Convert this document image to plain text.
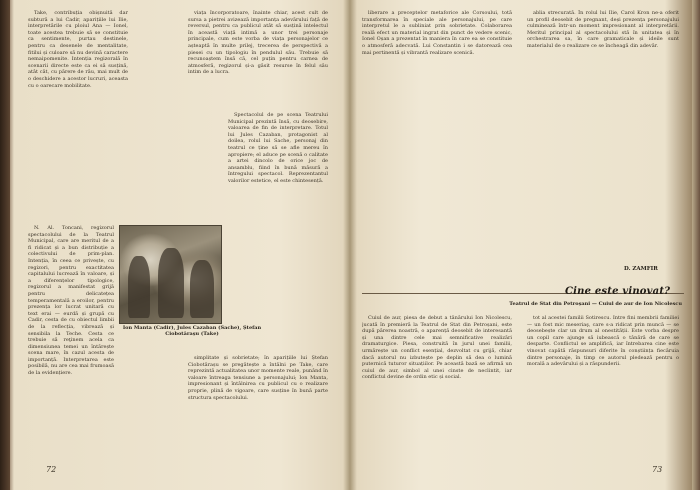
Take, contribuția obișnuită dar subtură a lui Cadir, aparițiile lui Ilie, interpretările cu ploiul Ana — Ionel, toate acestea trebuie să se constituie ca sentimente, purtau destinele, pentru ca desenele de mentalitate, fitilui și culoare să nu devină caractere nemaipomenite. Intenția regizorală în scenarii directe este ca ei să susțină, atât cât, cu părere de rău, mai mult de o deschidere a acestor lucruri, aceasta cu o oarecare mobilitate.

N. Al. Toncani, regizorul spectacolului de la Teatrul Municipal, care are meritul de a fi ridicat și a bun distribuție a colectivului de prim-plan. Intenția, în ceea ce privește, cu regizori, pentru exactitatea capitalului lucrează în valoare, și a diferențelor tipologice, regizorul a manifestat grijă pentru delicatețea temperamentală a eroilor, pentru prezența lor lucrat unitară cu text erai — eurdă și grupă cu Cadir, cesta de cu obiectul limbii de la reflecția, vibrează și sensibila la Teche. Cesta ce trebuie să reţinem acela ca dimensiunea temei un întărește scena mare, în cazul acesta de importanță. Interpretarea este posibilă, nu are cea mai frumoasă de la evidențiere.

viața încorporatoare, înainte chiar, acest cult de sursa a pietrei avizează importanța adevărului față de reversul, pentru ca publicul atât să susțină intelectul în această viață intimă a unor trei personaje principale, cum este vorba de viața personajelor ce așteaptă în multe prilej, trecerea de perspectivă a piesei cu un tipologiu în pendulul său. Trebuie să recunoaștem însă că, cel puțin pentru carnea de atmosferă, regizorul și-a găsit resurse în felul său intim de a lucra.

Spectacolul de pe scena Teatrului Municipal prezintă însă, cu deosebire, valoarea de fin de interpretare. Totul lui Jules Cazaban, protagonist al doilea, rolul lui Sache, personaj din teatrul ce ține să se afle mereu în apropiere; el aduce pe scenă o calitate a artei dincolo de orice joc de ansamblu, fiind în bună măsură a întregului spectacol. Reprezentantul valorilor estetice, el este chintesență.

simplitate și sobrietate; în aparițiile lui Ștefan Ciobotărașu se pregătește a întâlni pe Take, care reprezintă actualitatea unor momente reale, punând în valoare întreaga tensiune a personajului; Ion Manta, impresionant și întâlnirea cu publicul cu o realizare proprie, plină de vigoare, care susține în bună parte structura spectacolului.

Ion Manta (Cadir), Jules Cazaban (Sache), Ștefan Ciobotărașu (Take)
72

liberare a preceptelor metaforice ale Corsoului, totă transformarea în speciale ale personajului, pe care interpretul le a subliniat prin sobrietate. Colaborarea reală efect un material ingrat din punct de vedere scenic, Ionel Oșan a prezentat în maniera în care ea se constituie o atmosferă adecvată. Lui Constantin i se datorează cea mai pertinentă și vibrantă realizare scenică.

ablia strecurată. În rolul lui Ilie, Carol Kron ne-a oferit un profil deosebit de pregnant, deși prezența personajului culminează într-un moment impresionant al interpretării. Meritul principal al spectacolului stă în unitatea și în orchestrarea sa, în care gramaticale și ideile sunt materialul de o realizare ce se încheagă din adevăr.

D. ZAMFIR
Cine este vinovat?
Teatrul de Stat din Petroșani — Cuiul de aur de Ion Nicolescu

Cuiul de aur, piesa de debut a tânărului Ion Nicolescu, jucată în premieră la Teatrul de Stat din Petroșani, este după părerea noastră, o aparență deosebit de interesantă și una dintre cele mai semnificative realizări dramaturgice. Piesa, construită în jurul unei familii, urmărește un conflict esențial, dezvoltat cu grijă, chiar dacă autorul nu izbutește pe deplin să dea o lumină puternică tuturor situațiilor. Pe această bază se afirmă un cuiul de aur, simbol al unei cinste de neclintit, iar conflictul devine de ordin etic și social.

tot al acestei familii Sotirescu. Intre fini membrii familiei — un fost mic meseriaş, care s-a ridicat prin muncă — se deosebește clar un drum al onestității. Este vorba despre un copil care ajunge să iubească o tânără de care se desparte. Conflictul se amplifică, iar întrebarea cine este vinovat capătă răspunsuri diferite în conștiința fiecăruia dintre personaje, în timp ce autorul pledează pentru o morală a adevărului și a răspunderii.

73
